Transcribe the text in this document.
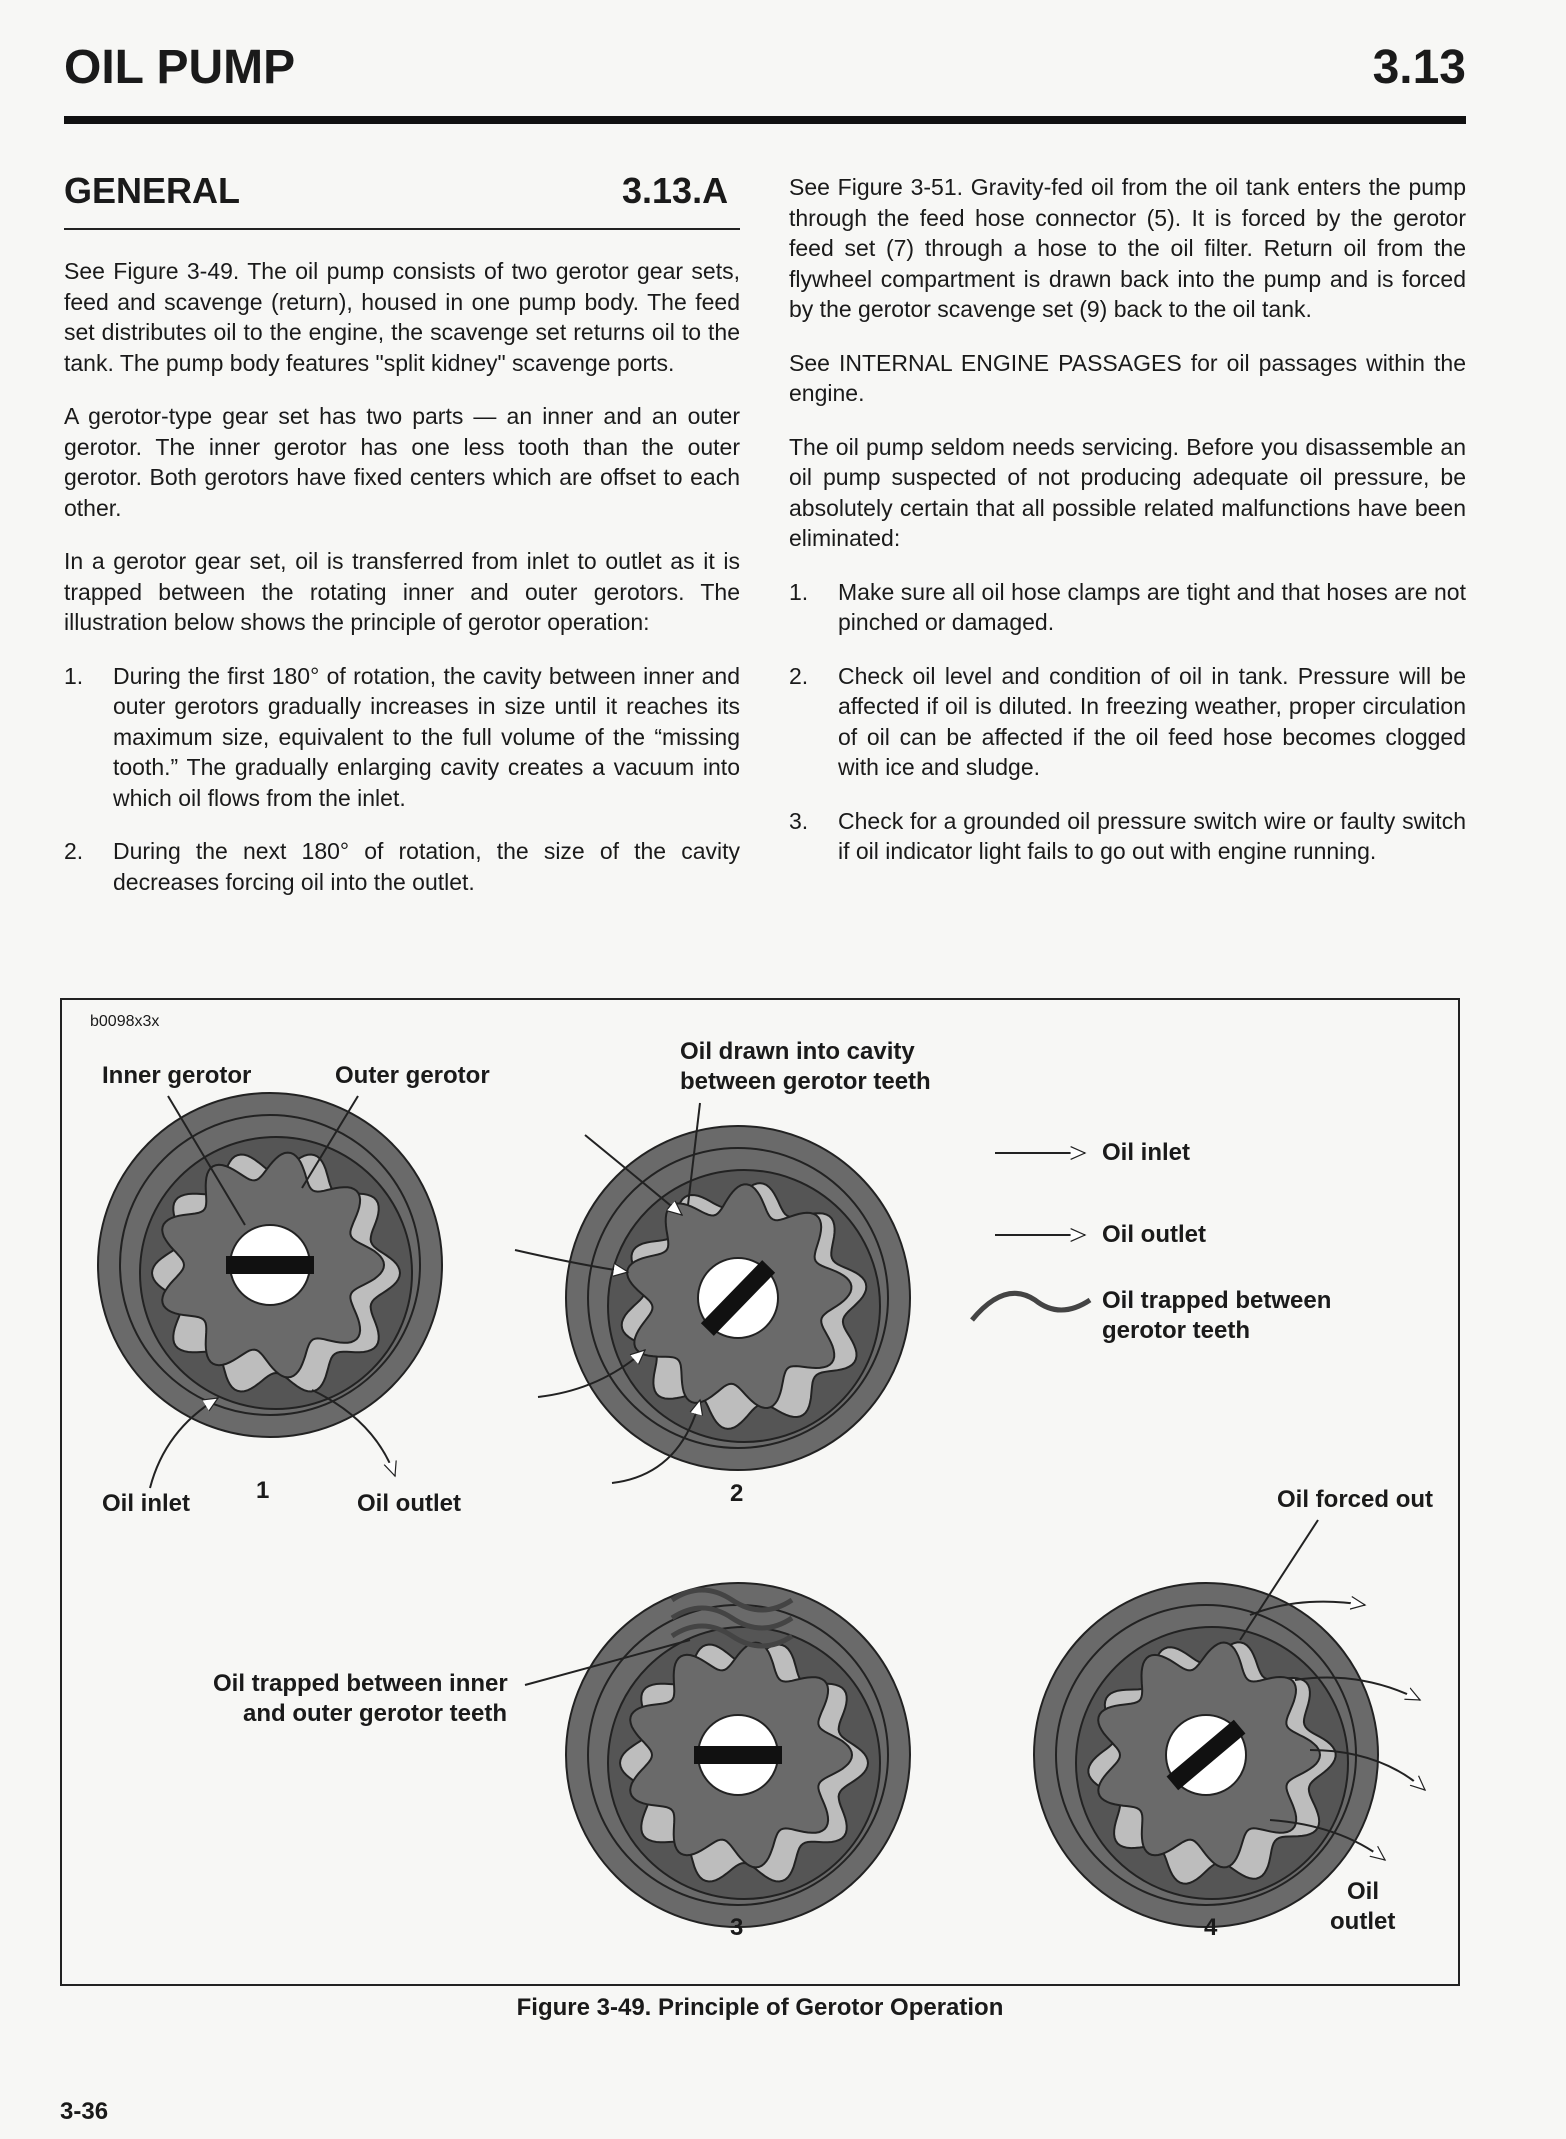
OIL PUMP	3.13
GENERAL	3.13.A

See Figure 3-49. The oil pump consists of two gerotor gear sets, feed and scavenge (return), housed in one pump body. The feed set distributes oil to the engine, the scavenge set returns oil to the tank. The pump body features "split kidney" scavenge ports.

A gerotor-type gear set has two parts — an inner and an outer gerotor. The inner gerotor has one less tooth than the outer gerotor. Both gerotors have fixed centers which are offset to each other.

In a gerotor gear set, oil is transferred from inlet to outlet as it is trapped between the rotating inner and outer gerotors. The illustration below shows the principle of gerotor operation:

1. During the first 180° of rotation, the cavity between inner and outer gerotors gradually increases in size until it reaches its maximum size, equivalent to the full volume of the “missing tooth.” The gradually enlarging cavity creates a vacuum into which oil flows from the inlet.
2. During the next 180° of rotation, the size of the cavity decreases forcing oil into the outlet.

See Figure 3-51. Gravity-fed oil from the oil tank enters the pump through the feed hose connector (5). It is forced by the gerotor feed set (7) through a hose to the oil filter. Return oil from the flywheel compartment is drawn back into the pump and is forced by the gerotor scavenge set (9) back to the oil tank.

See INTERNAL ENGINE PASSAGES for oil passages within the engine.

The oil pump seldom needs servicing. Before you disassemble an oil pump suspected of not producing adequate oil pressure, be absolutely certain that all possible related malfunctions have been eliminated:

1. Make sure all oil hose clamps are tight and that hoses are not pinched or damaged.
2. Check oil level and condition of oil in tank. Pressure will be affected if oil is diluted. In freezing weather, proper circulation of oil can be affected if the oil feed hose becomes clogged with ice and sludge.
3. Check for a grounded oil pressure switch wire or faulty switch if oil indicator light fails to go out with engine running.
b0098x3x
Inner gerotor	Outer gerotor
Oil drawn into cavity
between gerotor teeth
Oil inlet	Oil outlet
1	2
3	4
Oil forced out
Oil trapped between inner
and outer gerotor teeth
Oil
outlet
Oil inlet
Oil outlet
Oil trapped between
gerotor teeth
Figure 3-49. Principle of Gerotor Operation
3-36
